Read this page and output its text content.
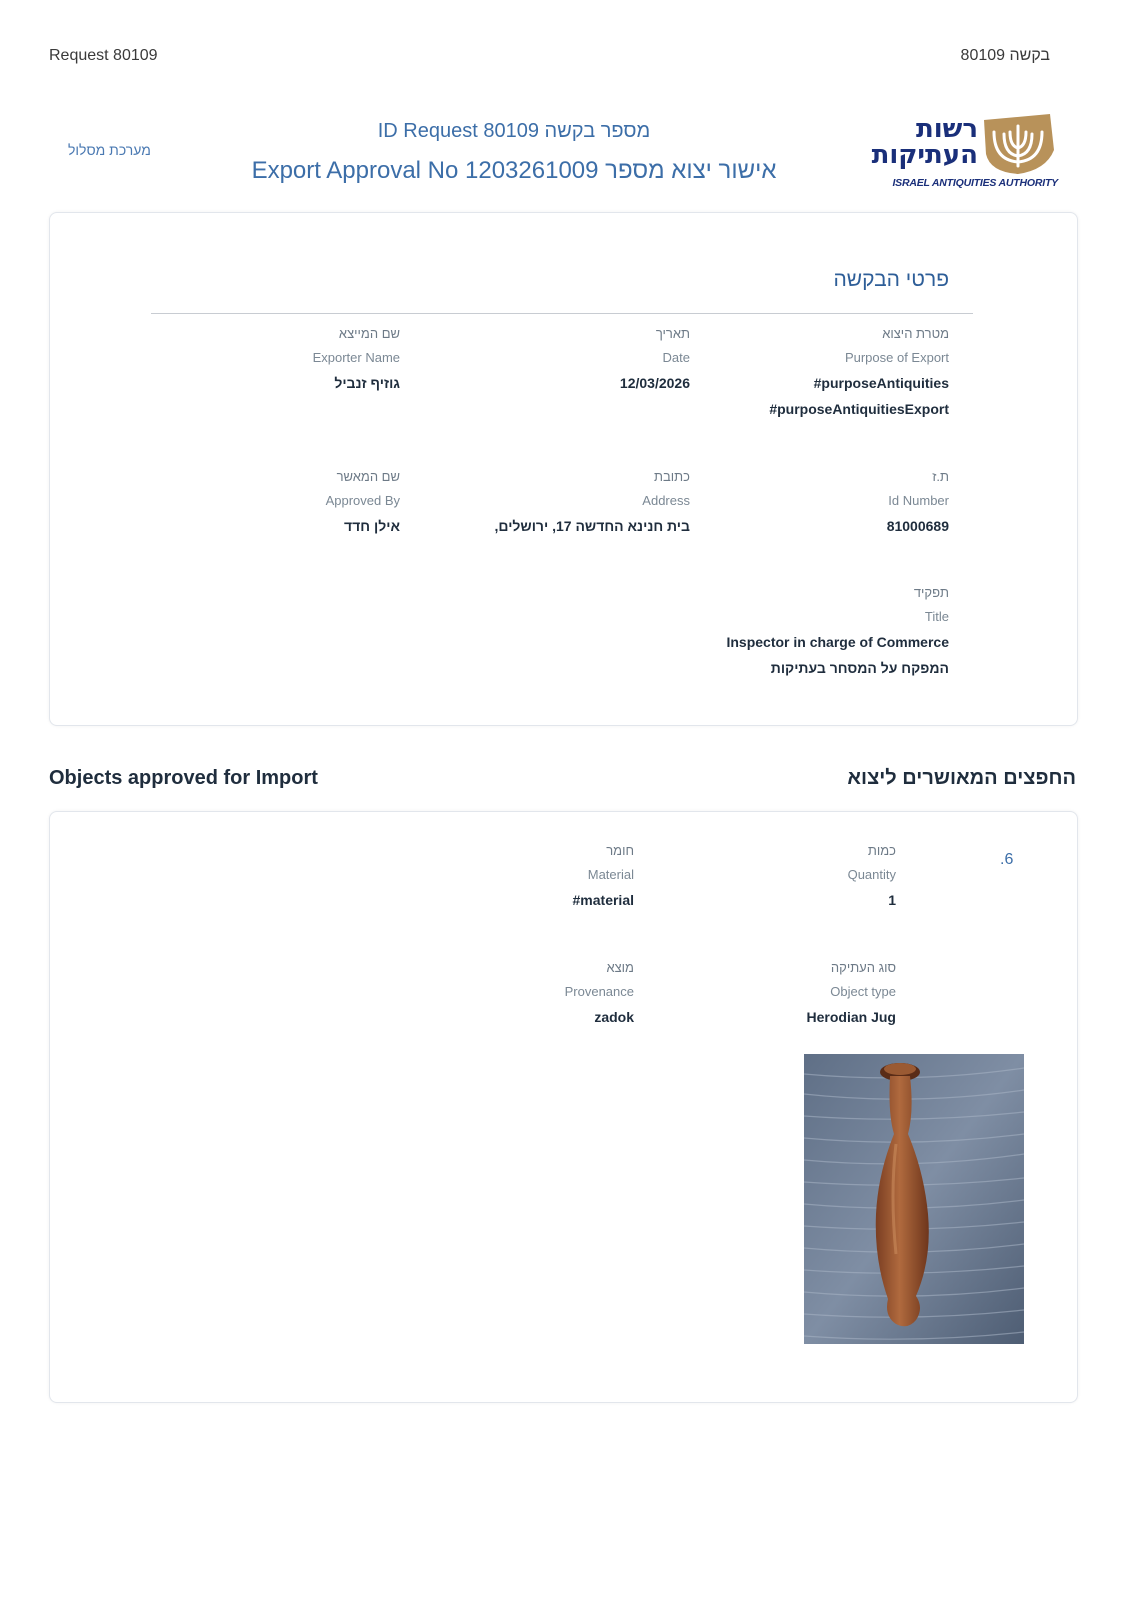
Request 80109	בקשה 80109
מערכת מסלול
ID Request 80109 מספר בקשה
Export Approval No 1203261009 אישור יצוא מספר
רשות
העתיקות
ISRAEL ANTIQUITIES AUTHORITY
פרטי הבקשה
מטרת היצוא
Purpose of Export
#purposeAntiquities
#purposeAntiquitiesExport
תאריך
Date
12/03/2026
שם המייצא
Exporter Name
גוזיף זנביל
ת.ז
Id Number
81000689
כתובת
Address
בית חנינא החדשה 17, ירושלים,
שם המאשר
Approved By
אילן חדד
תפקיד
Title
Inspector in charge of Commerce
המפקח על המסחר בעתיקות
Objects approved for Import	החפצים המאושרים ליצוא
.6
כמות
Quantity
1
חומר
Material
#material
סוג העתיקה
Object type
Herodian Jug
מוצא
Provenance
zadok
